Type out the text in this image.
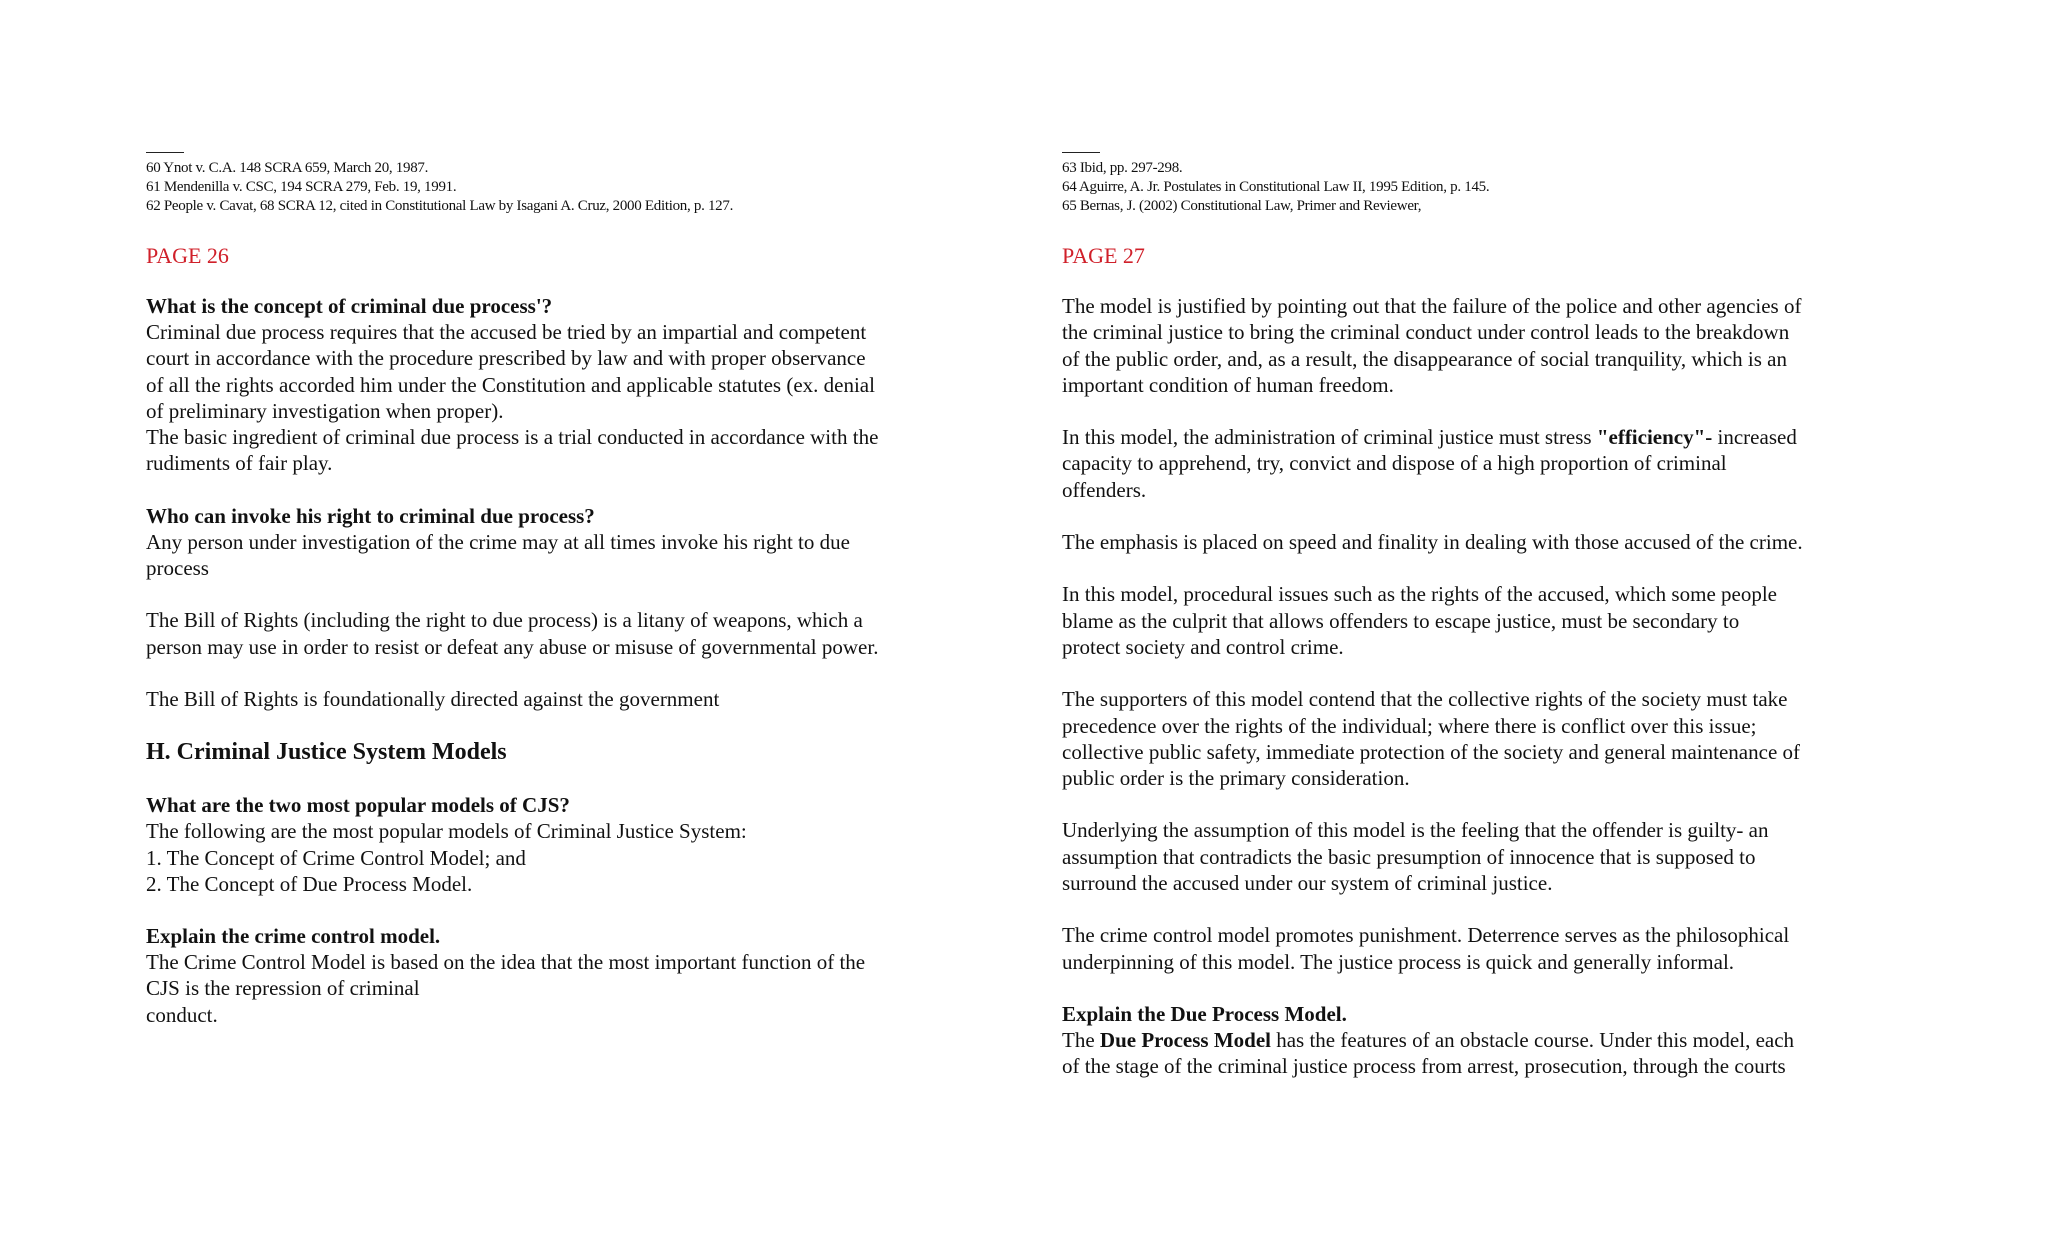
60 Ynot v. C.A. 148 SCRA 659, March 20, 1987.

61 Mendenilla v. CSC, 194 SCRA 279, Feb. 19, 1991.

62 People v. Cavat, 68 SCRA 12, cited in Constitutional Law by Isagani A. Cruz, 2000 Edition, p. 127.

PAGE 26

What is the concept of criminal due process'?

Criminal due process requires that the accused be tried by an impartial and competent

court in accordance with the procedure prescribed by law and with proper observance

of all the rights accorded him under the Constitution and applicable statutes (ex. denial

of preliminary investigation when proper).

The basic ingredient of criminal due process is a trial conducted in accordance with the

rudiments of fair play.

Who can invoke his right to criminal due process?

Any person under investigation of the crime may at all times invoke his right to due

process

The Bill of Rights (including the right to due process) is a litany of weapons, which a

person may use in order to resist or defeat any abuse or misuse of governmental power.

The Bill of Rights is foundationally directed against the government

H. Criminal Justice System Models

What are the two most popular models of CJS?

The following are the most popular models of Criminal Justice System:

1. The Concept of Crime Control Model; and

2. The Concept of Due Process Model.

Explain the crime control model.

The Crime Control Model is based on the idea that the most important function of the

CJS is the repression of criminal

conduct.

63 Ibid, pp. 297-298.

64 Aguirre, A. Jr. Postulates in Constitutional Law II, 1995 Edition, p. 145.

65 Bernas, J. (2002) Constitutional Law, Primer and Reviewer,

PAGE 27

The model is justified by pointing out that the failure of the police and other agencies of

the criminal justice to bring the criminal conduct under control leads to the breakdown

of the public order, and, as a result, the disappearance of social tranquility, which is an

important condition of human freedom.

In this model, the administration of criminal justice must stress "efficiency"- increased

capacity to apprehend, try, convict and dispose of a high proportion of criminal

offenders.

The emphasis is placed on speed and finality in dealing with those accused of the crime.

In this model, procedural issues such as the rights of the accused, which some people

blame as the culprit that allows offenders to escape justice, must be secondary to

protect society and control crime.

The supporters of this model contend that the collective rights of the society must take

precedence over the rights of the individual; where there is conflict over this issue;

collective public safety, immediate protection of the society and general maintenance of

public order is the primary consideration.

Underlying the assumption of this model is the feeling that the offender is guilty- an

assumption that contradicts the basic presumption of innocence that is supposed to

surround the accused under our system of criminal justice.

The crime control model promotes punishment. Deterrence serves as the philosophical

underpinning of this model. The justice process is quick and generally informal.

Explain the Due Process Model.

The Due Process Model has the features of an obstacle course. Under this model, each

of the stage of the criminal justice process from arrest, prosecution, through the courts
